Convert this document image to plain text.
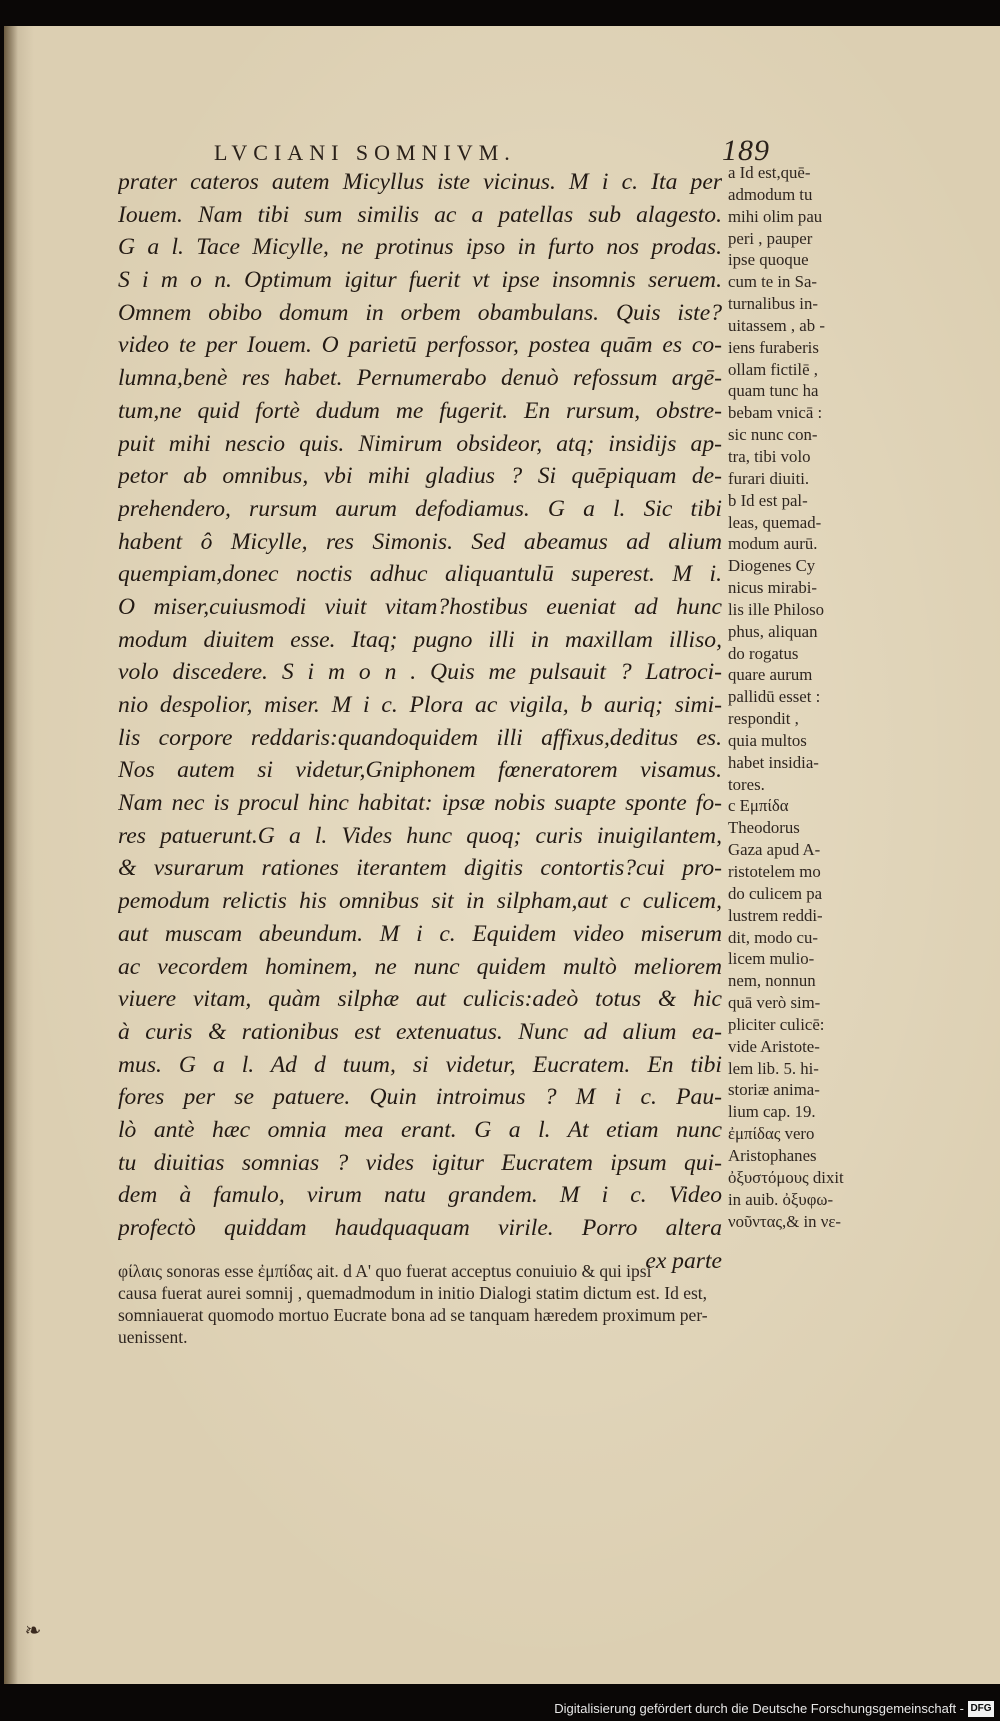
LVCIANI SOMNIVM.	189
prater cateros autem Micyllus iste vicinus. M i c. Ita per
Iouem. Nam tibi sum similis ac a patellas sub alagesto.
G a l. Tace Micylle, ne protinus ipso in furto nos prodas.
S i m o n. Optimum igitur fuerit vt ipse insomnis seruem.
Omnem obibo domum in orbem obambulans. Quis iste?
video te per Iouem. O parietū perfossor, postea quām es co-
lumna,benè res habet. Pernumerabo denuò refossum argē-
tum,ne quid fortè dudum me fugerit. En rursum, obstre-
puit mihi nescio quis. Nimirum obsideor, atq; insidijs ap-
petor ab omnibus, vbi mihi gladius ? Si quēpiquam de-
prehendero, rursum aurum defodiamus. G a l. Sic tibi
habent ô Micylle, res Simonis. Sed abeamus ad alium
quempiam,donec noctis adhuc aliquantulū superest. M i.
O miser,cuiusmodi viuit vitam?hostibus eueniat ad hunc
modum diuitem esse. Itaq; pugno illi in maxillam illiso,
volo discedere. S i m o n . Quis me pulsauit ? Latroci-
nio despolior, miser. M i c. Plora ac vigila, b auriq; simi-
lis corpore reddaris:quandoquidem illi affixus,deditus es.
Nos autem si videtur,Gniphonem fœneratorem visamus.
Nam nec is procul hinc habitat: ipsæ nobis suapte sponte fo-
res patuerunt.G a l. Vides hunc quoq; curis inuigilantem,
& vsurarum rationes iterantem digitis contortis?cui pro-
pemodum relictis his omnibus sit in silpham,aut c culicem,
aut muscam abeundum. M i c. Equidem video miserum
ac vecordem hominem, ne nunc quidem multò meliorem
viuere vitam, quàm silphæ aut culicis:adeò totus & hic
à curis & rationibus est extenuatus. Nunc ad alium ea-
mus. G a l. Ad d tuum, si videtur, Eucratem. En tibi
fores per se patuere. Quin introimus ? M i c. Pau-
lò antè hæc omnia mea erant. G a l. At etiam nunc
tu diuitias somnias ? vides igitur Eucratem ipsum qui-
dem à famulo, virum natu grandem. M i c. Video
profectò quiddam haudquaquam virile. Porro altera
ex parte
a Id est,quē-
admodum tu
mihi olim pau
peri , pauper
ipse quoque
cum te in Sa-
turnalibus in-
uitassem , ab -
iens furaberis
ollam fictilē ,
quam tunc ha
bebam vnicā :
sic nunc con-
tra, tibi volo
furari diuiti.
b Id est pal-
leas, quemad-
modum aurū.
Diogenes Cy
nicus mirabi-
lis ille Philoso
phus, aliquan
do rogatus
quare aurum
pallidū esset :
respondit ,
quia multos
habet insidia-
tores.
c Εμπίδα
Theodorus
Gaza apud A-
ristotelem mo
do culicem pa
lustrem reddi-
dit, modo cu-
licem mulio-
nem, nonnun
quā verò sim-
pliciter culicē:
vide Aristote-
lem lib. 5. hi-
storiæ anima-
lium cap. 19.
ἐμπίδας vero
Aristophanes
ὀξυστόμους dixit
in auib. ὀξυφω-
νοῦντας,& in νε-
φίλαις sonoras esse ἐμπίδας ait. d A' quo fuerat acceptus conuiuio & qui ipsi
causa fuerat aurei somnij , quemadmodum in initio Dialogi statim dictum est. Id est,
somniauerat quomodo mortuo Eucrate bona ad se tanquam hæredem proximum per-
uenissent.
❧
Digitalisierung gefördert durch die Deutsche Forschungsgemeinschaft - DFG
